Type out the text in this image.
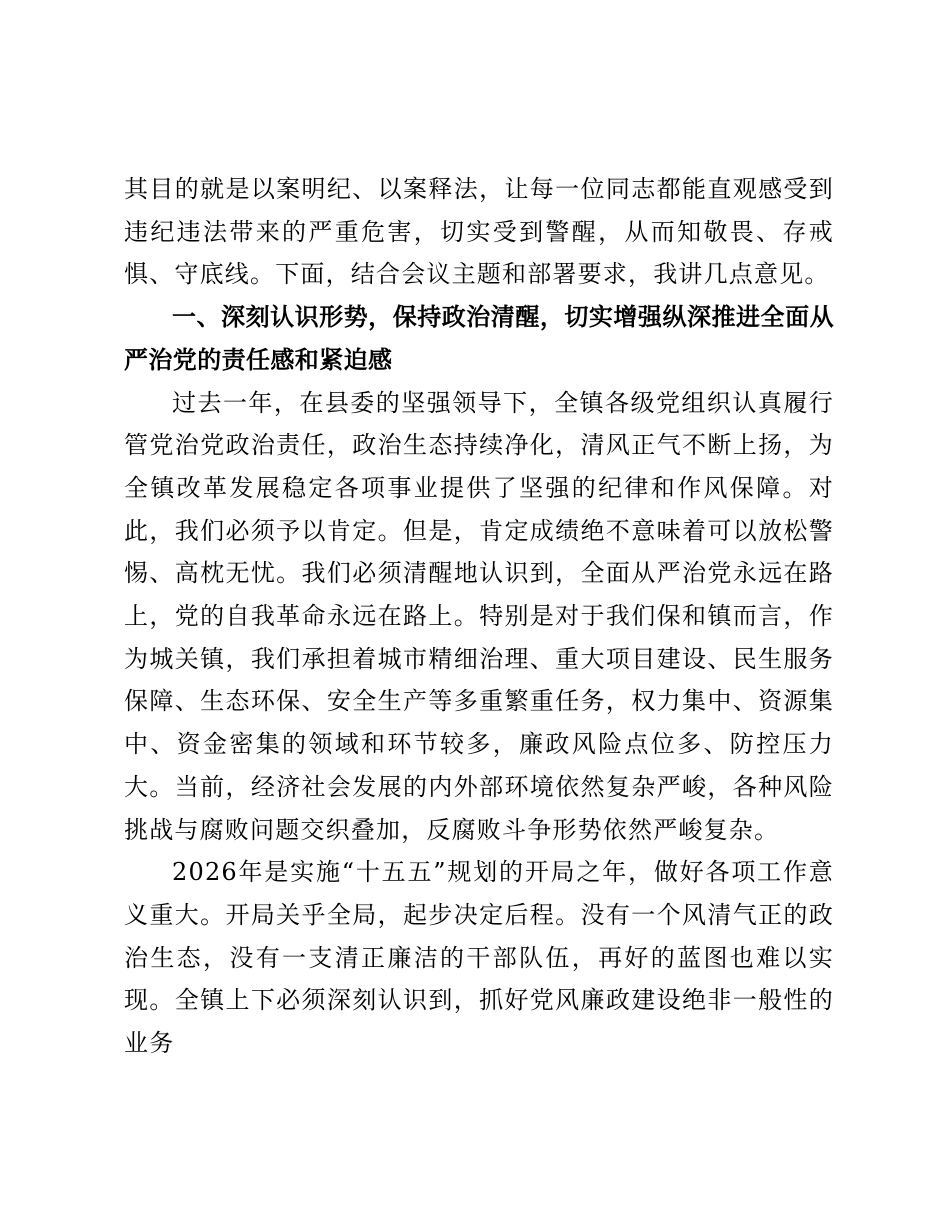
其目的就是以案明纪、以案释法，让每一位同志都能直观感受到违纪违法带来的严重危害，切实受到警醒，从而知敬畏、存戒惧、守底线。下面，结合会议主题和部署要求，我讲几点意见。

一、深刻认识形势，保持政治清醒，切实增强纵深推进全面从严治党的责任感和紧迫感

过去一年，在县委的坚强领导下，全镇各级党组织认真履行管党治党政治责任，政治生态持续净化，清风正气不断上扬，为全镇改革发展稳定各项事业提供了坚强的纪律和作风保障。对此，我们必须予以肯定。但是，肯定成绩绝不意味着可以放松警惕、高枕无忧。我们必须清醒地认识到，全面从严治党永远在路上，党的自我革命永远在路上。特别是对于我们保和镇而言，作为城关镇，我们承担着城市精细治理、重大项目建设、民生服务保障、生态环保、安全生产等多重繁重任务，权力集中、资源集中、资金密集的领域和环节较多，廉政风险点位多、防控压力大。当前，经济社会发展的内外部环境依然复杂严峻，各种风险挑战与腐败问题交织叠加，反腐败斗争形势依然严峻复杂。

2026年是实施“十五五”规划的开局之年，做好各项工作意义重大。开局关乎全局，起步决定后程。没有一个风清气正的政治生态，没有一支清正廉洁的干部队伍，再好的蓝图也难以实现。全镇上下必须深刻认识到，抓好党风廉政建设绝非一般性的业务
